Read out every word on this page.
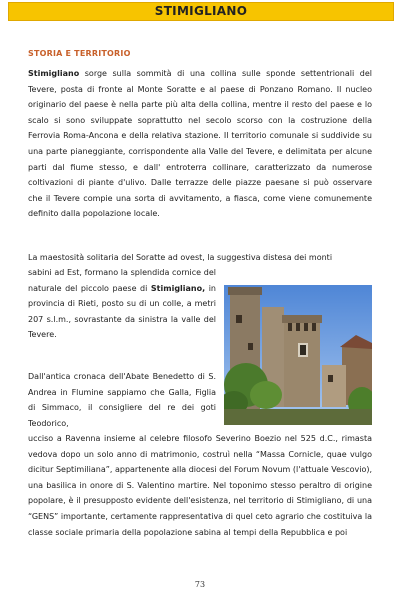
STIMIGLIANO
STORIA E TERRITORIO

Stimigliano sorge sulla sommità di una collina sulle sponde settentrionali del Tevere, posta di fronte al Monte Soratte e al paese di Ponzano Romano. Il nucleo originario del paese è nella parte più alta della collina, mentre il resto del paese e lo scalo si sono sviluppate soprattutto nel secolo scorso con la costruzione della Ferrovia Roma-Ancona e della relativa stazione. Il territorio comunale si suddivide su una parte pianeggiante, corrispondente alla Valle del Tevere, e delimitata per alcune parti dal fiume stesso, e dall' entroterra collinare, caratterizzato da numerose coltivazioni di piante d'ulivo. Dalle terrazze delle piazze paesane si può osservare che il Tevere compie una sorta di avvitamento, a fiasca, come viene comunemente definito dalla popolazione locale.

La maestosità solitaria del Soratte ad ovest, la suggestiva distesa dei monti

sabini ad Est, formano la splendida cornice del naturale del piccolo paese di Stimigliano, in provincia di Rieti, posto su di un colle, a metri 207 s.l.m., sovrastante da sinistra la valle del Tevere.

Dall'antica cronaca dell'Abate Benedetto di S. Andrea in Flumine sappiamo che Galla, Figlia di Simmaco, il consigliere del re dei goti Teodorico,

ucciso a Ravenna insieme al celebre filosofo Severino Boezio nel 525 d.C., rimasta vedova dopo un solo anno di matrimonio, costruì nella “Massa Cornicle, quae vulgo dicitur Septimiliana”, appartenente alla diocesi del Forum Novum (l'attuale Vescovio), una basilica in onore di S. Valentino martire. Nel toponimo stesso peraltro di origine popolare, è il presupposto evidente dell'esistenza, nel territorio di Stimigliano, di una “GENS” importante, certamente rappresentativa di quel ceto agrario che costituiva la classe sociale primaria della popolazione sabina al tempi della Repubblica e poi

73
